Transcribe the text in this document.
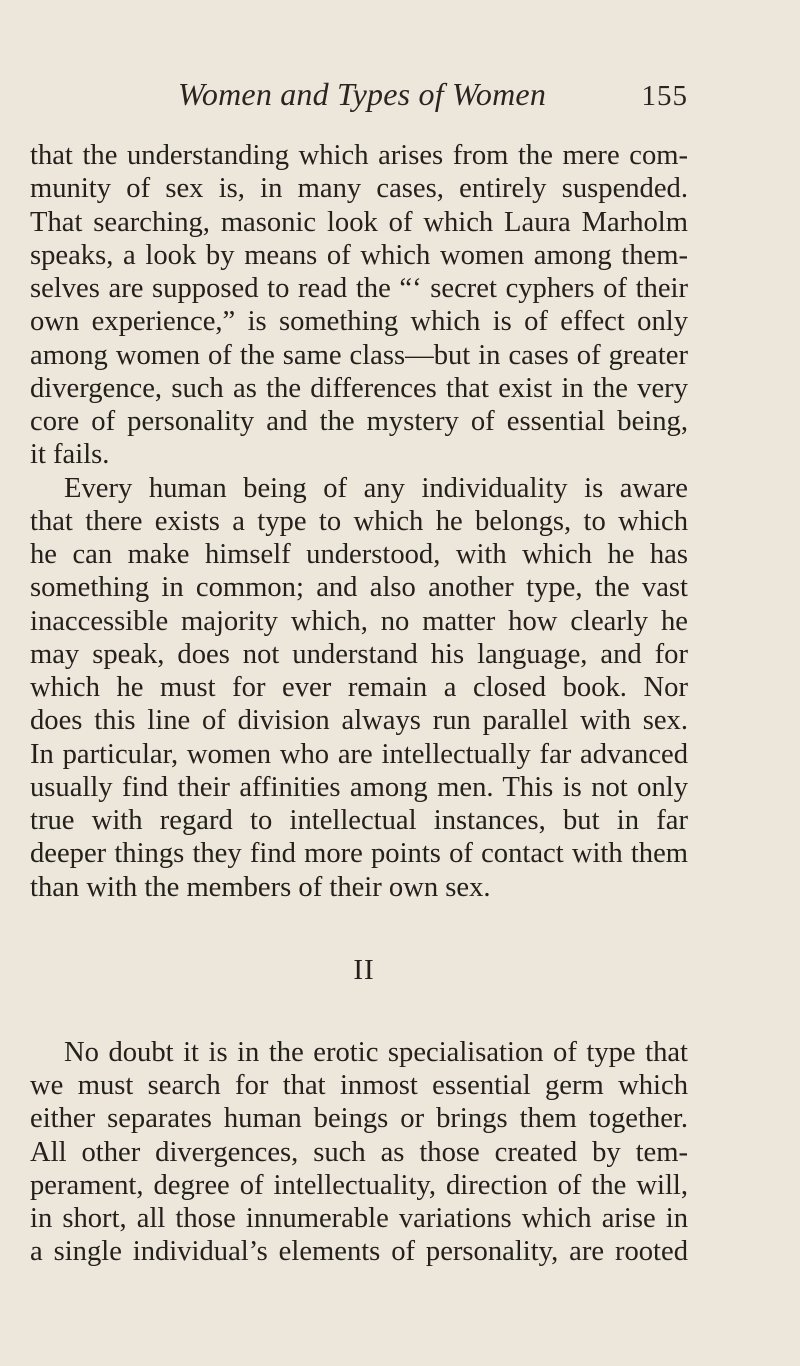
Women and Types of Women	155
that the understanding which arises from the mere com-
munity of sex is, in many cases, entirely suspended.
That searching, masonic look of which Laura Marholm
speaks, a look by means of which women among them-
selves are supposed to read the “‘ secret cyphers of their
own experience,” is something which is of effect only
among women of the same class—but in cases of greater
divergence, such as the differences that exist in the very
core of personality and the mystery of essential being,
it fails.
Every human being of any individuality is aware
that there exists a type to which he belongs, to which
he can make himself understood, with which he has
something in common; and also another type, the vast
inaccessible majority which, no matter how clearly he
may speak, does not understand his language, and for
which he must for ever remain a closed book. Nor
does this line of division always run parallel with sex.
In particular, women who are intellectually far advanced
usually find their affinities among men. This is not only
true with regard to intellectual instances, but in far
deeper things they find more points of contact with them
than with the members of their own sex.
II
No doubt it is in the erotic specialisation of type that
we must search for that inmost essential germ which
either separates human beings or brings them together.
All other divergences, such as those created by tem-
perament, degree of intellectuality, direction of the will,
in short, all those innumerable variations which arise in
a single individual’s elements of personality, are rooted
